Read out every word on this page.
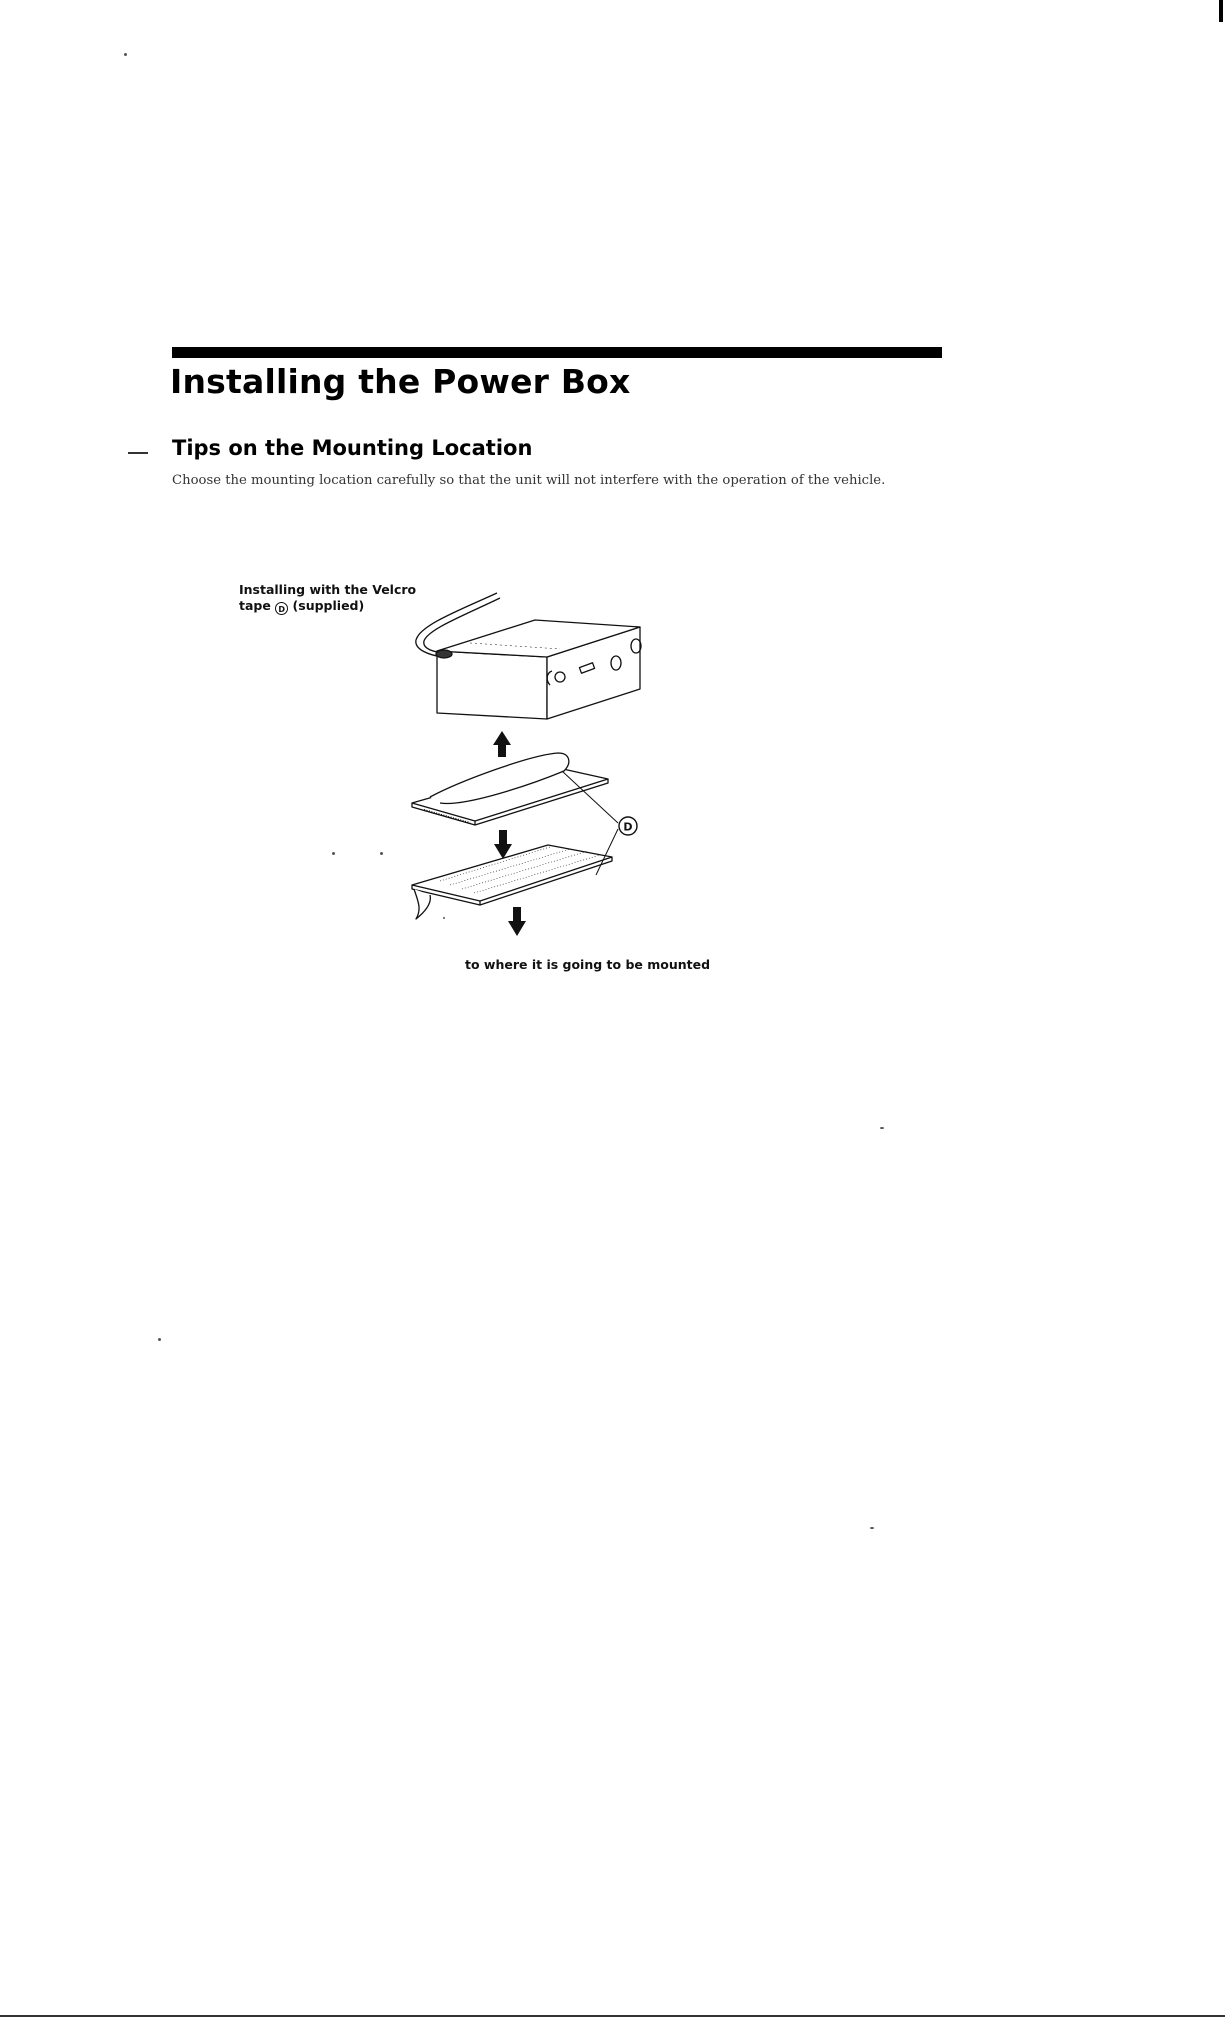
Installing the Power Box
Tips on the Mounting Location

Choose the mounting location carefully so that the unit will not interfere with the operation of the vehicle.

Installing with the Velcro
tape D (supplied)

D

to where it is going to be mounted
